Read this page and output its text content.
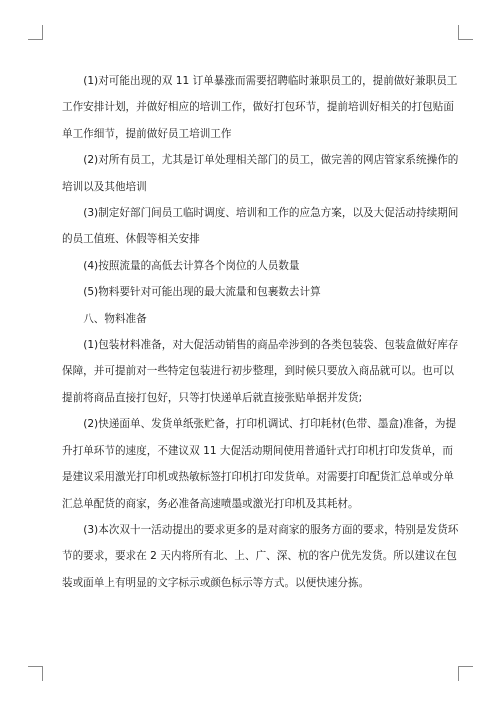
(1)对可能出现的双 11 订单暴涨而需要招聘临时兼职员工的，提前做好兼职员工
工作安排计划，并做好相应的培训工作，做好打包环节，提前培训好相关的打包贴面
单工作细节，提前做好员工培训工作

(2)对所有员工，尤其是订单处理相关部门的员工，做完善的网店管家系统操作的
培训以及其他培训

(3)制定好部门间员工临时调度、培训和工作的应急方案，以及大促活动持续期间
的员工值班、休假等相关安排

(4)按照流量的高低去计算各个岗位的人员数量

(5)物料要针对可能出现的最大流量和包裹数去计算

八、物料准备

(1)包装材料准备，对大促活动销售的商品牵涉到的各类包装袋、包装盒做好库存
保障，并可提前对一些特定包装进行初步整理，到时候只要放入商品就可以。也可以
提前将商品直接打包好，只等打快递单后就直接张贴单据并发货;

(2)快递面单、发货单纸张贮备，打印机调试、打印耗材(色带、墨盒)准备，为提
升打单环节的速度，不建议双 11 大促活动期间使用普通针式打印机打印发货单，而
是建议采用激光打印机或热敏标签打印机打印发货单。对需要打印配货汇总单或分单
汇总单配货的商家，务必准备高速喷墨或激光打印机及其耗材。

(3)本次双十一活动提出的要求更多的是对商家的服务方面的要求，特别是发货环
节的要求，要求在 2 天内将所有北、上、广、深、杭的客户优先发货。所以建议在包
装或面单上有明显的文字标示或颜色标示等方式。以便快速分拣。
